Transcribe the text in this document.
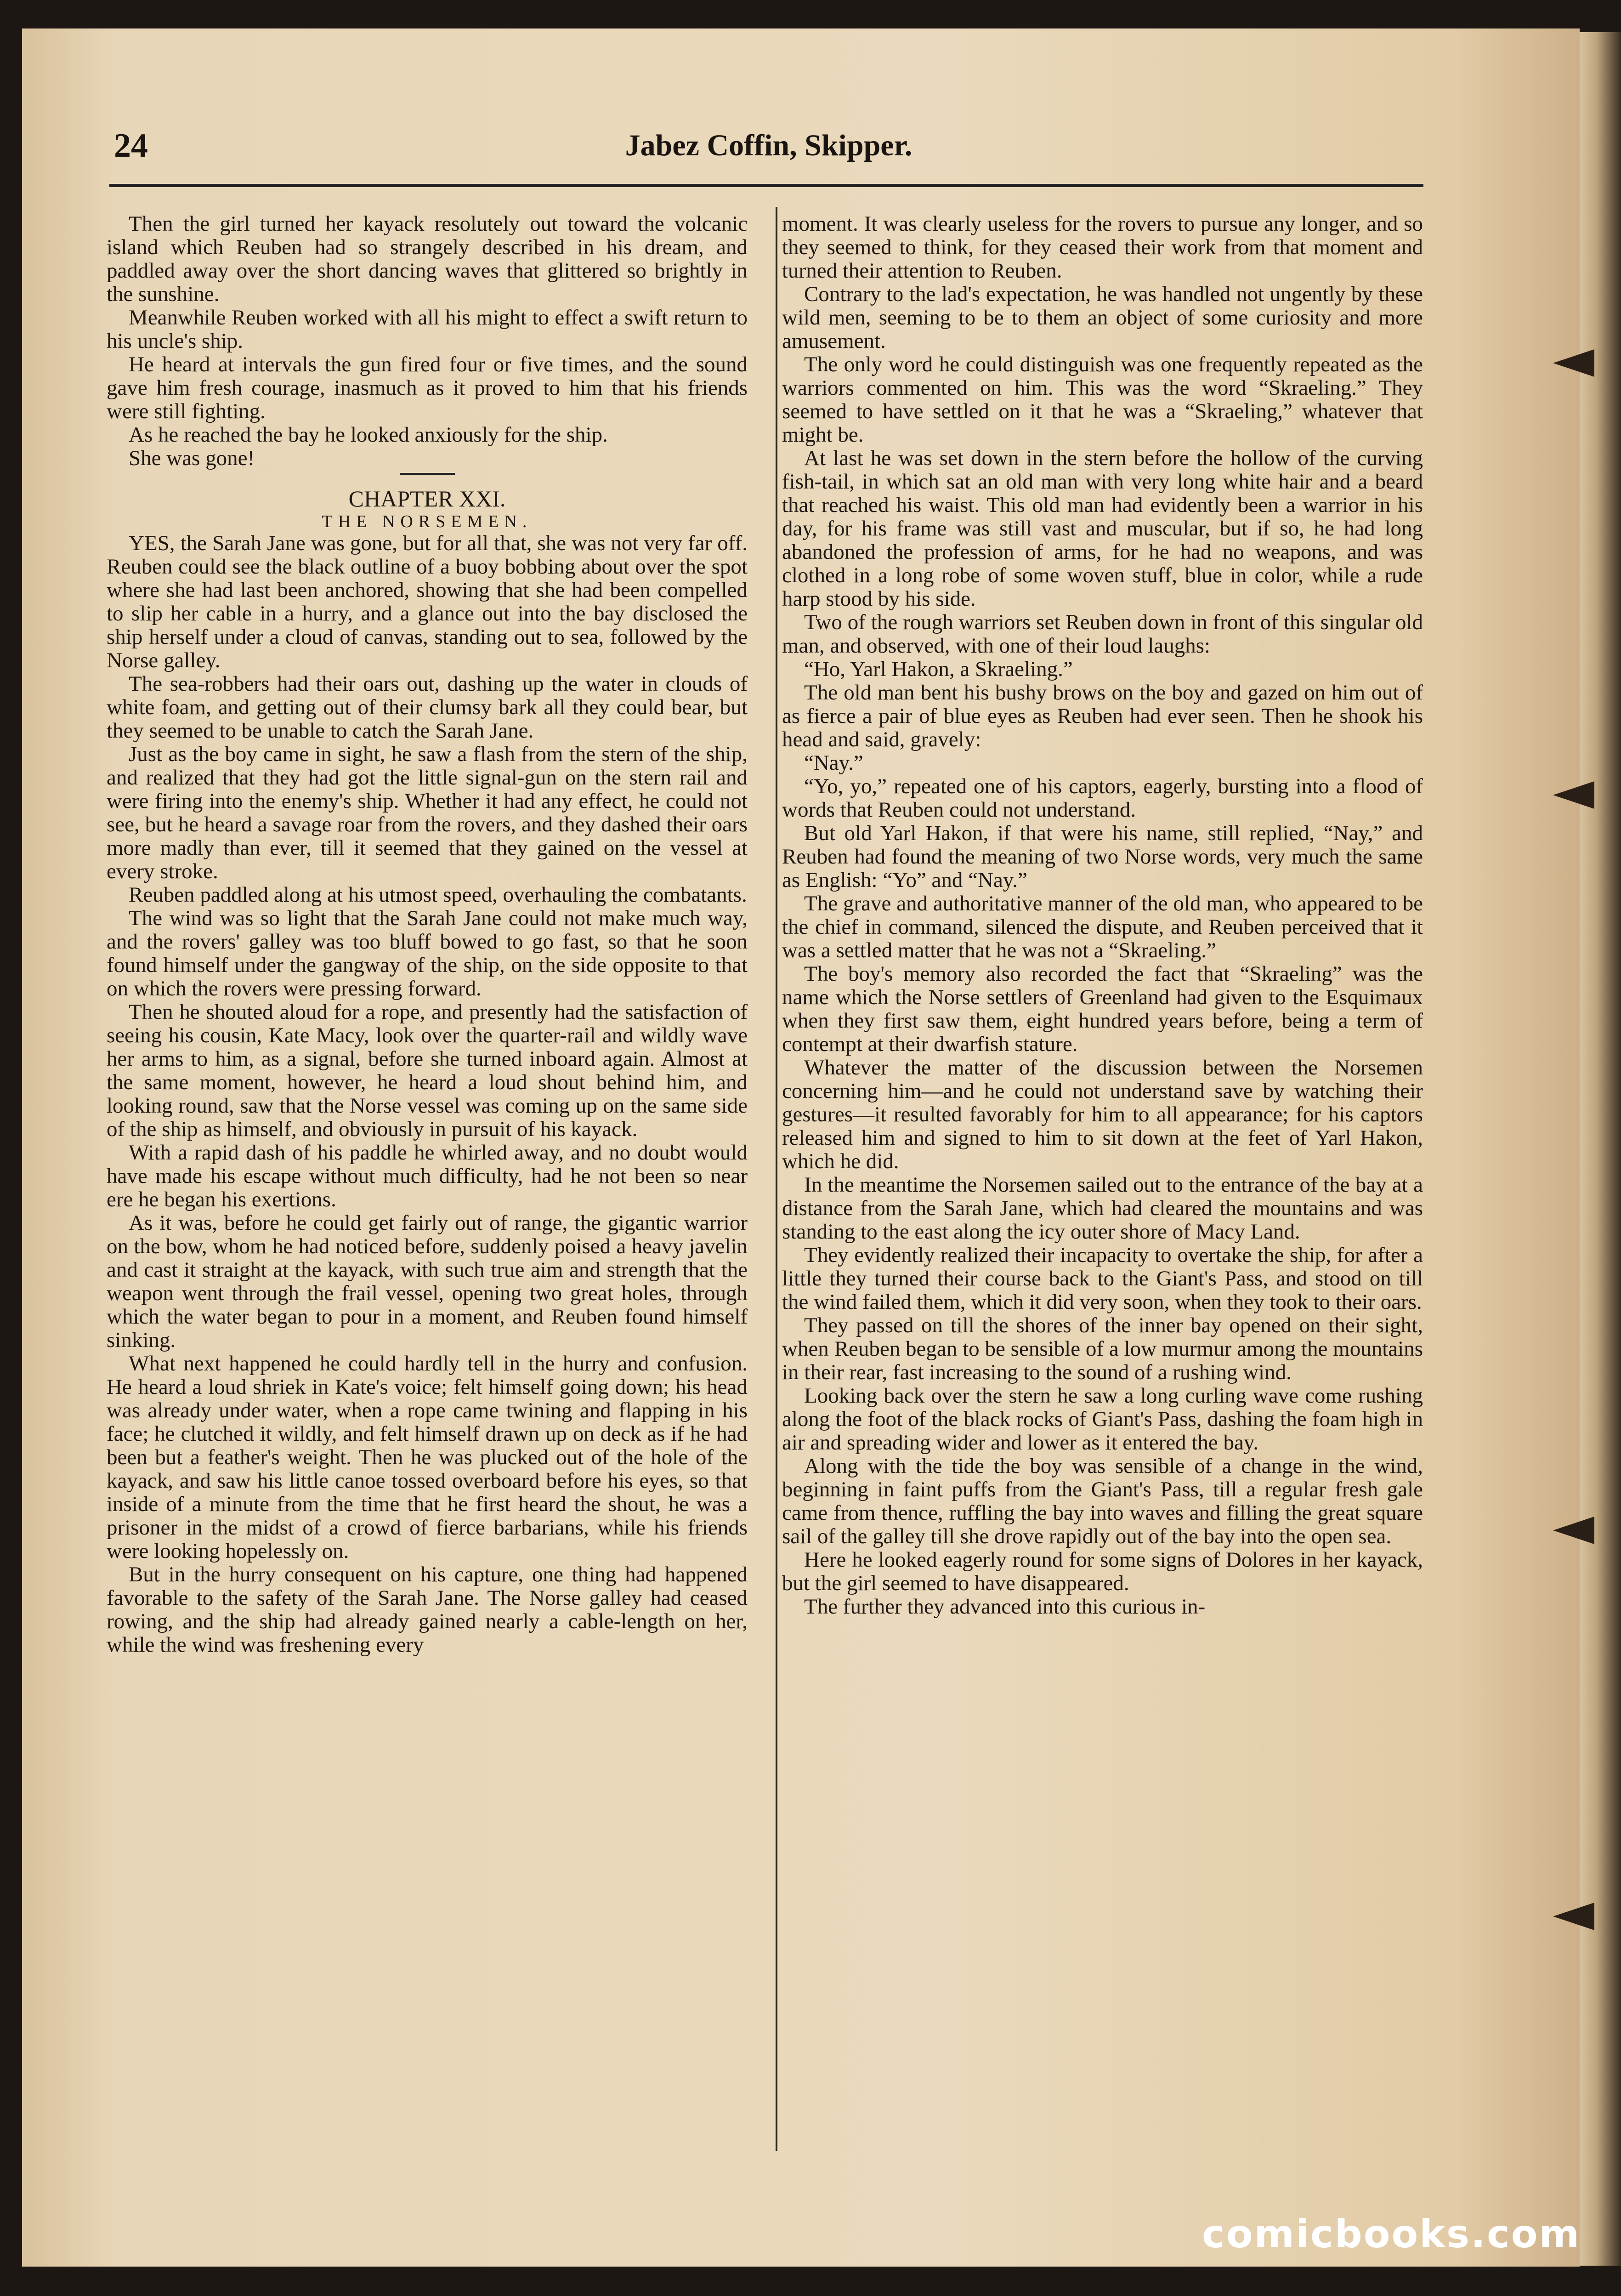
24	Jabez Coffin, Skipper.

Then the girl turned her kayack resolutely out toward the volcanic island which Reuben had so strangely described in his dream, and paddled away over the short dancing waves that glittered so brightly in the sunshine.

Meanwhile Reuben worked with all his might to effect a swift return to his uncle's ship.

He heard at intervals the gun fired four or five times, and the sound gave him fresh courage, inasmuch as it proved to him that his friends were still fighting.

As he reached the bay he looked anxiously for the ship.

She was gone!

CHAPTER XXI.
THE NORSEMEN.

YES, the Sarah Jane was gone, but for all that, she was not very far off. Reuben could see the black outline of a buoy bobbing about over the spot where she had last been anchored, showing that she had been compelled to slip her cable in a hurry, and a glance out into the bay disclosed the ship herself under a cloud of canvas, standing out to sea, followed by the Norse galley.

The sea-robbers had their oars out, dashing up the water in clouds of white foam, and getting out of their clumsy bark all they could bear, but they seemed to be unable to catch the Sarah Jane.

Just as the boy came in sight, he saw a flash from the stern of the ship, and realized that they had got the little signal-gun on the stern rail and were firing into the enemy's ship. Whether it had any effect, he could not see, but he heard a savage roar from the rovers, and they dashed their oars more madly than ever, till it seemed that they gained on the vessel at every stroke.

Reuben paddled along at his utmost speed, overhauling the combatants.

The wind was so light that the Sarah Jane could not make much way, and the rovers' galley was too bluff bowed to go fast, so that he soon found himself under the gangway of the ship, on the side opposite to that on which the rovers were pressing forward.

Then he shouted aloud for a rope, and presently had the satisfaction of seeing his cousin, Kate Macy, look over the quarter-rail and wildly wave her arms to him, as a signal, before she turned inboard again. Almost at the same moment, however, he heard a loud shout behind him, and looking round, saw that the Norse vessel was coming up on the same side of the ship as himself, and obviously in pursuit of his kayack.

With a rapid dash of his paddle he whirled away, and no doubt would have made his escape without much difficulty, had he not been so near ere he began his exertions.

As it was, before he could get fairly out of range, the gigantic warrior on the bow, whom he had noticed before, suddenly poised a heavy javelin and cast it straight at the kayack, with such true aim and strength that the weapon went through the frail vessel, opening two great holes, through which the water began to pour in a moment, and Reuben found himself sinking.

What next happened he could hardly tell in the hurry and confusion. He heard a loud shriek in Kate's voice; felt himself going down; his head was already under water, when a rope came twining and flapping in his face; he clutched it wildly, and felt himself drawn up on deck as if he had been but a feather's weight. Then he was plucked out of the hole of the kayack, and saw his little canoe tossed overboard before his eyes, so that inside of a minute from the time that he first heard the shout, he was a prisoner in the midst of a crowd of fierce barbarians, while his friends were looking hopelessly on.

But in the hurry consequent on his capture, one thing had happened favorable to the safety of the Sarah Jane. The Norse galley had ceased rowing, and the ship had already gained nearly a cable-length on her, while the wind was freshening every

moment. It was clearly useless for the rovers to pursue any longer, and so they seemed to think, for they ceased their work from that moment and turned their attention to Reuben.

Contrary to the lad's expectation, he was handled not ungently by these wild men, seeming to be to them an object of some curiosity and more amusement.

The only word he could distinguish was one frequently repeated as the warriors commented on him. This was the word “Skraeling.” They seemed to have settled on it that he was a “Skraeling,” whatever that might be.

At last he was set down in the stern before the hollow of the curving fish-tail, in which sat an old man with very long white hair and a beard that reached his waist. This old man had evidently been a warrior in his day, for his frame was still vast and muscular, but if so, he had long abandoned the profession of arms, for he had no weapons, and was clothed in a long robe of some woven stuff, blue in color, while a rude harp stood by his side.

Two of the rough warriors set Reuben down in front of this singular old man, and observed, with one of their loud laughs:

“Ho, Yarl Hakon, a Skraeling.”

The old man bent his bushy brows on the boy and gazed on him out of as fierce a pair of blue eyes as Reuben had ever seen. Then he shook his head and said, gravely:

“Nay.”

“Yo, yo,” repeated one of his captors, eagerly, bursting into a flood of words that Reuben could not understand.

But old Yarl Hakon, if that were his name, still replied, “Nay,” and Reuben had found the meaning of two Norse words, very much the same as English: “Yo” and “Nay.”

The grave and authoritative manner of the old man, who appeared to be the chief in command, silenced the dispute, and Reuben perceived that it was a settled matter that he was not a “Skraeling.”

The boy's memory also recorded the fact that “Skraeling” was the name which the Norse settlers of Greenland had given to the Esquimaux when they first saw them, eight hundred years before, being a term of contempt at their dwarfish stature.

Whatever the matter of the discussion between the Norsemen concerning him—and he could not understand save by watching their gestures—it resulted favorably for him to all appearance; for his captors released him and signed to him to sit down at the feet of Yarl Hakon, which he did.

In the meantime the Norsemen sailed out to the entrance of the bay at a distance from the Sarah Jane, which had cleared the mountains and was standing to the east along the icy outer shore of Macy Land.

They evidently realized their incapacity to overtake the ship, for after a little they turned their course back to the Giant's Pass, and stood on till the wind failed them, which it did very soon, when they took to their oars.

They passed on till the shores of the inner bay opened on their sight, when Reuben began to be sensible of a low murmur among the mountains in their rear, fast increasing to the sound of a rushing wind.

Looking back over the stern he saw a long curling wave come rushing along the foot of the black rocks of Giant's Pass, dashing the foam high in air and spreading wider and lower as it entered the bay.

Along with the tide the boy was sensible of a change in the wind, beginning in faint puffs from the Giant's Pass, till a regular fresh gale came from thence, ruffling the bay into waves and filling the great square sail of the galley till she drove rapidly out of the bay into the open sea.

Here he looked eagerly round for some signs of Dolores in her kayack, but the girl seemed to have disappeared.

The further they advanced into this curious in-

comicbooks.com
